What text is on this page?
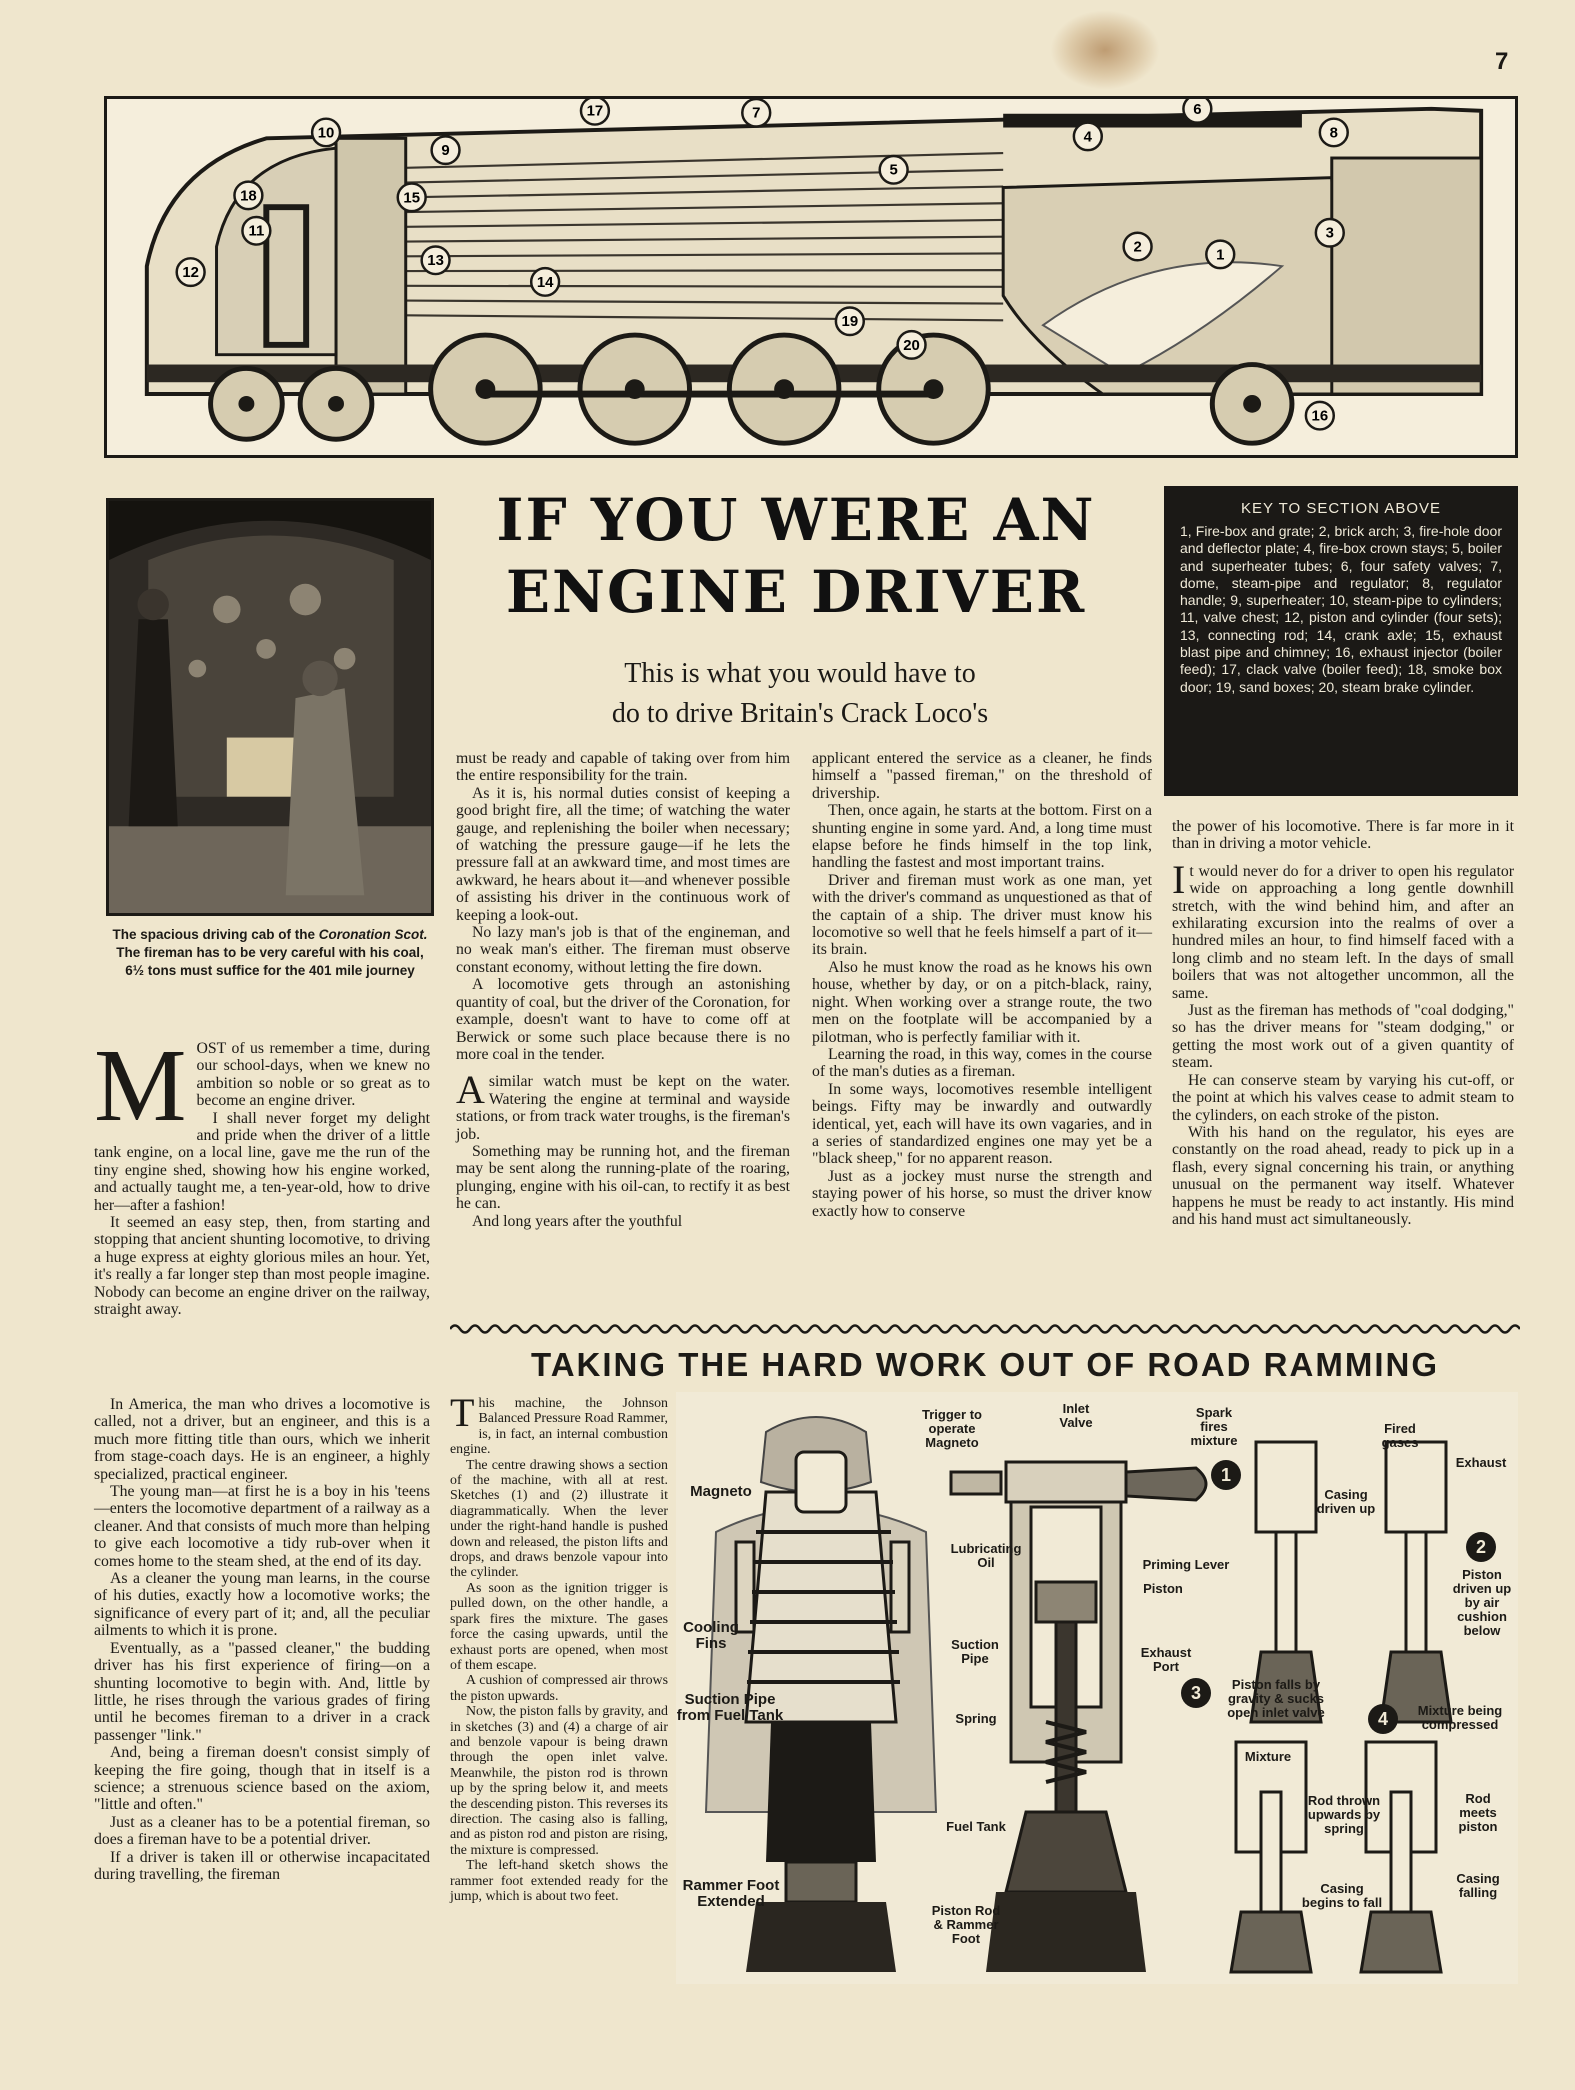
7
1
2
3
4
5
6
7
8
9
10
11
12
13
14
15
16
17
18
19
20
The spacious driving cab of the Coronation Scot. The fireman has to be very careful with his coal, 6½ tons must suffice for the 401 mile journey
IF YOU WERE AN
ENGINE DRIVER
This is what you would have to
do to drive Britain's Crack Loco's
KEY TO SECTION ABOVE
1, Fire-box and grate; 2, brick arch; 3, fire-hole door and deflector plate; 4, fire-box crown stays; 5, boiler and superheater tubes; 6, four safety valves; 7, dome, steam-pipe and regulator; 8, regulator handle; 9, superheater; 10, steam-pipe to cylinders; 11, valve chest; 12, piston and cylinder (four sets); 13, connecting rod; 14, crank axle; 15, exhaust blast pipe and chimney; 16, exhaust injector (boiler feed); 17, clack valve (boiler feed); 18, smoke box door; 19, sand boxes; 20, steam brake cylinder.
M OST of us remember a time, during our school-days, when we knew no ambition so noble or so great as to become an engine driver.

I shall never forget my delight and pride when the driver of a little tank engine, on a local line, gave me the run of the tiny engine shed, showing how his engine worked, and actually taught me, a ten-year-old, how to drive her—after a fashion!

It seemed an easy step, then, from starting and stopping that ancient shunting locomotive, to driving a huge express at eighty glorious miles an hour. Yet, it's really a far longer step than most people imagine. Nobody can become an engine driver on the railway, straight away.

In America, the man who drives a locomotive is called, not a driver, but an engineer, and this is a much more fitting title than ours, which we inherit from stage-coach days. He is an engineer, a highly specialized, practical engineer.

The young man—at first he is a boy in his 'teens—enters the locomotive department of a railway as a cleaner. And that consists of much more than helping to give each locomotive a tidy rub-over when it comes home to the steam shed, at the end of its day.

As a cleaner the young man learns, in the course of his duties, exactly how a locomotive works; the significance of every part of it; and, all the peculiar ailments to which it is prone.

Eventually, as a "passed cleaner," the budding driver has his first experience of firing—on a shunting locomotive to begin with. And, little by little, he rises through the various grades of firing until he becomes fireman to a driver in a crack passenger "link."

And, being a fireman doesn't consist simply of keeping the fire going, though that in itself is a science; a strenuous science based on the axiom, "little and often."

Just as a cleaner has to be a potential fireman, so does a fireman have to be a potential driver.

If a driver is taken ill or otherwise incapacitated during travelling, the fireman

must be ready and capable of taking over from him the entire responsibility for the train.

As it is, his normal duties consist of keeping a good bright fire, all the time; of watching the water gauge, and replenishing the boiler when necessary; of watching the pressure gauge—if he lets the pressure fall at an awkward time, and most times are awkward, he hears about it—and whenever possible of assisting his driver in the continuous work of keeping a look-out.

No lazy man's job is that of the engineman, and no weak man's either. The fireman must observe constant economy, without letting the fire down.

A locomotive gets through an astonishing quantity of coal, but the driver of the Coronation, for example, doesn't want to have to come off at Berwick or some such place because there is no more coal in the tender.

A similar watch must be kept on the water. Watering the engine at terminal and wayside stations, or from track water troughs, is the fireman's job.

Something may be running hot, and the fireman may be sent along the running-plate of the roaring, plunging, engine with his oil-can, to rectify it as best he can.

And long years after the youthful

applicant entered the service as a cleaner, he finds himself a "passed fireman," on the threshold of drivership.

Then, once again, he starts at the bottom. First on a shunting engine in some yard. And, a long time must elapse before he finds himself in the top link, handling the fastest and most important trains.

Driver and fireman must work as one man, yet with the driver's command as unquestioned as that of the captain of a ship. The driver must know his locomotive so well that he feels himself a part of it—its brain.

Also he must know the road as he knows his own house, whether by day, or on a pitch-black, rainy, night. When working over a strange route, the two men on the footplate will be accompanied by a pilotman, who is perfectly familiar with it.

Learning the road, in this way, comes in the course of the man's duties as a fireman.

In some ways, locomotives resemble intelligent beings. Fifty may be inwardly and outwardly identical, yet, each will have its own vagaries, and in a series of standardized engines one may yet be a "black sheep," for no apparent reason.

Just as a jockey must nurse the strength and staying power of his horse, so must the driver know exactly how to conserve

the power of his locomotive. There is far more in it than in driving a motor vehicle.

It would never do for a driver to open his regulator wide on approaching a long gentle downhill stretch, with the wind behind him, and after an exhilarating excursion into the realms of over a hundred miles an hour, to find himself faced with a long climb and no steam left. In the days of small boilers that was not altogether uncommon, all the same.

Just as the fireman has methods of "coal dodging," so has the driver means for "steam dodging," or getting the most work out of a given quantity of steam.

He can conserve steam by varying his cut-off, or the point at which his valves cease to admit steam to the cylinders, on each stroke of the piston.

With his hand on the regulator, his eyes are constantly on the road ahead, ready to pick up in a flash, every signal concerning his train, or anything unusual on the permanent way itself. Whatever happens he must be ready to act instantly. His mind and his hand must act simultaneously.

TAKING THE HARD WORK OUT OF ROAD RAMMING

This machine, the Johnson Balanced Pressure Road Rammer, is, in fact, an internal combustion engine.

The centre drawing shows a section of the machine, with all at rest. Sketches (1) and (2) illustrate it diagrammatically. When the lever under the right-hand handle is pushed down and released, the piston lifts and drops, and draws benzole vapour into the cylinder.

As soon as the ignition trigger is pulled down, on the other handle, a spark fires the mixture. The gases force the casing upwards, until the exhaust ports are opened, when most of them escape.

A cushion of compressed air throws the piston upwards.

Now, the piston falls by gravity, and in sketches (3) and (4) a charge of air and benzole vapour is being drawn through the open inlet valve. Meanwhile, the piston rod is thrown up by the spring below it, and meets the descending piston. This reverses its direction. The casing also is falling, and as piston rod and piston are rising, the mixture is compressed.

The left-hand sketch shows the rammer foot extended ready for the jump, which is about two feet.

1
2
3
4
Magneto
Trigger to operate Magneto
Inlet Valve
Lubricating Oil	Priming Lever
Piston
Cooling Fins	Suction Pipe	Exhaust Port
Suction Pipe from Fuel Tank	Spring
Fuel Tank
Rammer Foot Extended
Piston Rod & Rammer Foot
Spark fires mixture
Casing driven up
Fired gases
Exhaust
Piston driven up by air cushion below
Piston falls by gravity & sucks open inlet valve
Mixture
Rod thrown upwards by spring
Casing begins to fall
Mixture being compressed
Rod meets piston
Casing falling
